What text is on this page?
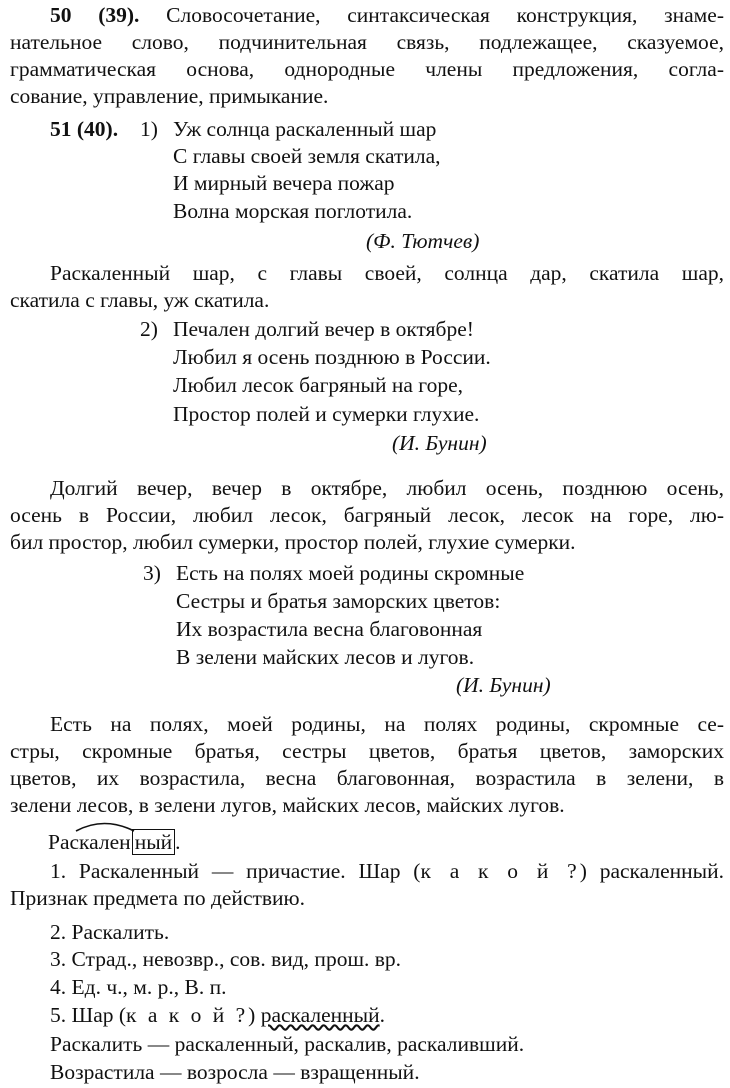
50 (39). Словосочетание, синтаксическая конструкция, знаме-
нательное слово, подчинительная связь, подлежащее, сказуемое,
грамматическая основа, однородные члены предложения, согла-
сование, управление, примыкание.
51 (40). 1) Уж солнца раскаленный шар
С главы своей земля скатила,
И мирный вечера пожар
Волна морская поглотила.
(Ф. Тютчев)
Раскаленный шар, с главы своей, солнца дар, скатила шар,
скатила с главы, уж скатила.
2) Печален долгий вечер в октябре!
Любил я осень позднюю в России.
Любил лесок багряный на горе,
Простор полей и сумерки глухие.
(И. Бунин)
Долгий вечер, вечер в октябре, любил осень, позднюю осень,
осень в России, любил лесок, багряный лесок, лесок на горе, лю-
бил простор, любил сумерки, простор полей, глухие сумерки.
3) Есть на полях моей родины скромные
Сестры и братья заморских цветов:
Их возрастила весна благовонная
В зелени майских лесов и лугов.
(И. Бунин)
Есть на полях, моей родины, на полях родины, скромные се-
стры, скромные братья, сестры цветов, братья цветов, заморских
цветов, их возрастила, весна благовонная, возрастила в зелени, в
зелени лесов, в зелени лугов, майских лесов, майских лугов.
Раскален ный .
1. Раскаленный — причастие. Шар (к а к о й ?) раскаленный.
Признак предмета по действию.
2. Раскалить.
3. Страд., невозвр., сов. вид, прош. вр.
4. Ед. ч., м. р., В. п.
5. Шар (к а к о й ?) раскаленный.
Раскалить — раскаленный, раскалив, раскаливший.
Возрастила — возросла — взращенный.
